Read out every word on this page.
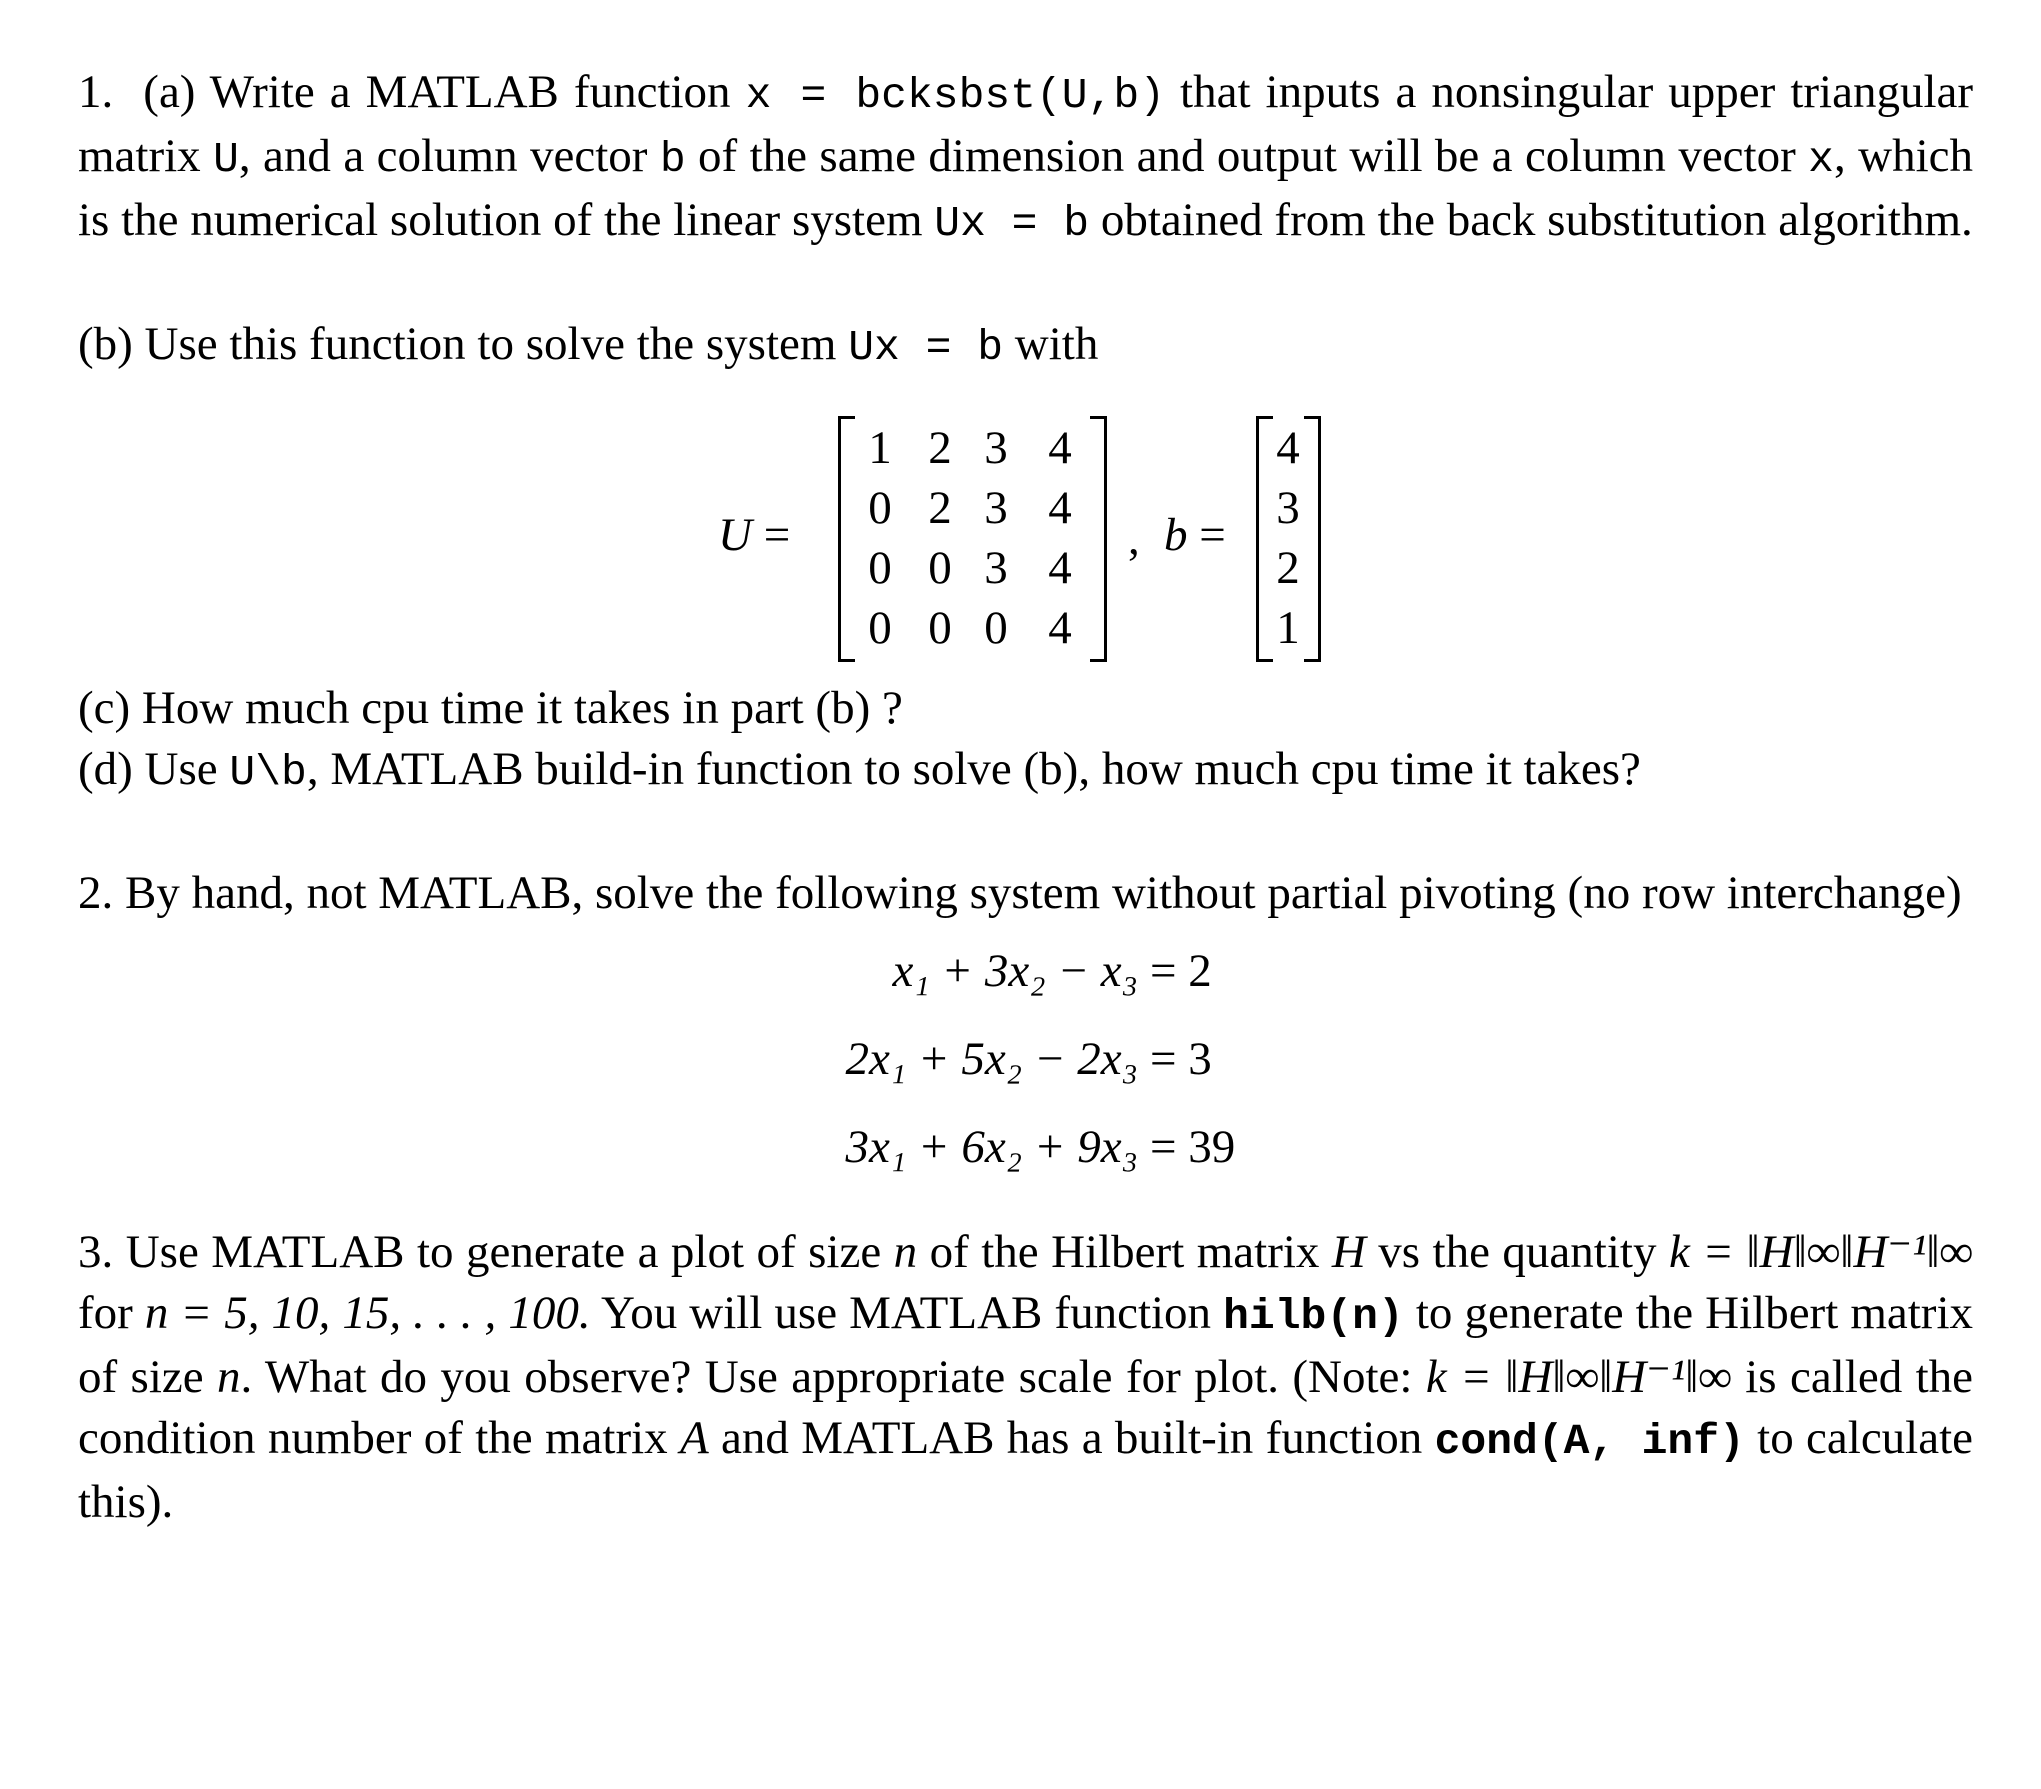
1. (a) Write a MATLAB function x = bcksbst(U,b) that inputs a nonsingular upper triangular matrix U, and a column vector b of the same dimension and output will be a column vector x, which is the numerical solution of the linear system Ux = b obtained from the back substitution algorithm.

(b) Use this function to solve the system Ux = b with

U =
1 2 3 4
0 2 3 4
0 0 3 4
0 0 0 4
, b =
4
3
2
1

(c) How much cpu time it takes in part (b) ?

(d) Use U\b, MATLAB build-in function to solve (b), how much cpu time it takes?

2. By hand, not MATLAB, solve the following system without partial pivoting (no row interchange)

x₁ + 3x₂ − x₃ = 2
2x₁ + 5x₂ − 2x₃ = 3
3x₁ + 6x₂ + 9x₃ = 39

3. Use MATLAB to generate a plot of size n of the Hilbert matrix H vs the quantity k = ‖H‖∞‖H⁻¹‖∞ for n = 5, 10, 15, . . . , 100. You will use MATLAB function hilb(n) to generate the Hilbert matrix of size n. What do you observe? Use appropriate scale for plot. (Note: k = ‖H‖∞‖H⁻¹‖∞ is called the condition number of the matrix A and MATLAB has a built-in function cond(A, inf) to calculate this).
